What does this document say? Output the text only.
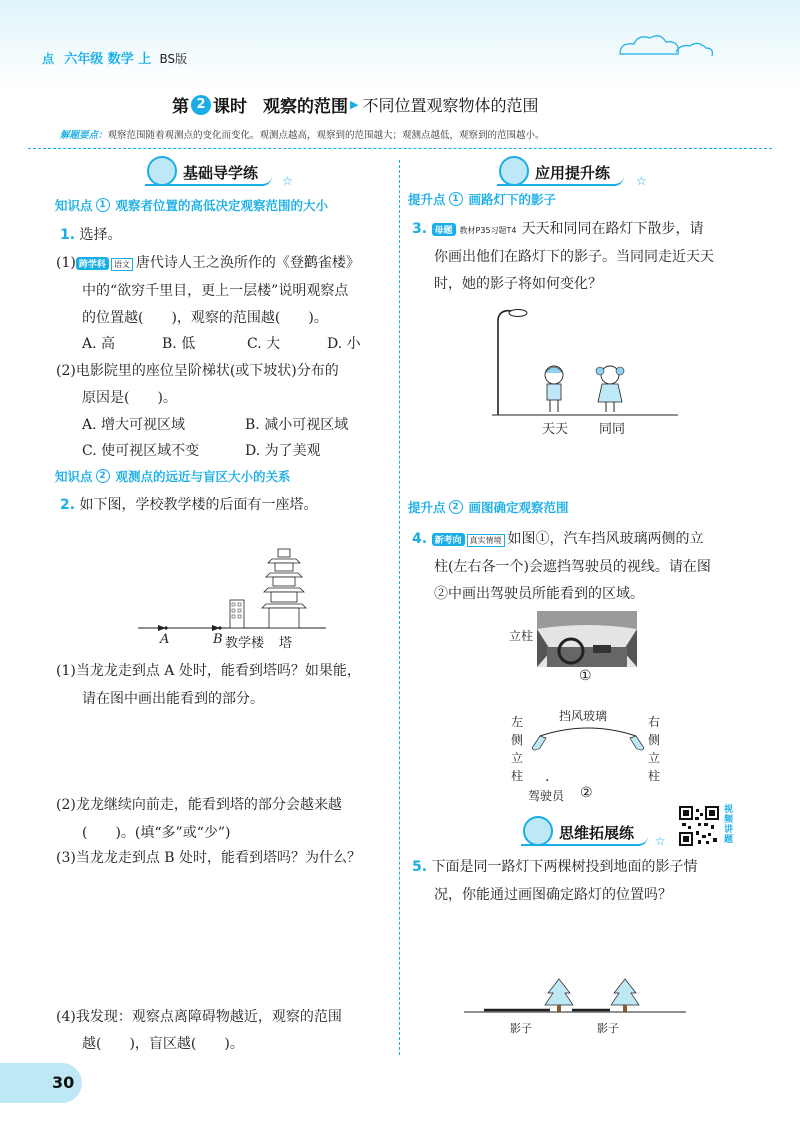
点 六年级 数学 上 BS版
第 2 课时 观察的范围 ▶ 不同位置观察物体的范围
解题要点：观察范围随着观测点的变化而变化。观测点越高，观察到的范围越大；观测点越低，观察到的范围越小。
基础导学练	☆
知识点 1 观察者位置的高低决定观察范围的大小
1. 选择。
(1) 跨学科 语文 唐代诗人王之涣所作的《登鹳雀楼》
中的“欲穷千里目，更上一层楼”说明观察点
的位置越(　　)，观察的范围越(　　)。
A. 高	B. 低	C. 大	D. 小
(2)电影院里的座位呈阶梯状(或下坡状)分布的
原因是(　　)。
A. 增大可视区域	B. 减小可视区域
C. 使可视区域不变	D. 为了美观
知识点 2 观测点的远近与盲区大小的关系
2. 如下图，学校教学楼的后面有一座塔。
A	B 教学楼 塔
(1)当龙龙走到点 A 处时，能看到塔吗？如果能，
请在图中画出能看到的部分。
(2)龙龙继续向前走，能看到塔的部分会越来越
(　　)。(填“多”或“少”)
(3)当龙龙走到点 B 处时，能看到塔吗？为什么？
(4)我发现：观察点离障碍物越近，观察的范围
越(　　)，盲区越(　　)。
应用提升练	☆
提升点 1 画路灯下的影子
3. 母题 教材P35习题T4 天天和同同在路灯下散步，请
你画出他们在路灯下的影子。当同同走近天天
时，她的影子将如何变化？
天天 同同
提升点 2 画图确定观察范围
4. 新考向 真实情境 如图①，汽车挡风玻璃两侧的立
柱(左右各一个)会遮挡驾驶员的视线。请在图
②中画出驾驶员所能看到的区域。
立柱
①
挡风玻璃
左侧立柱
右侧立柱
·
驾驶员 ②
视频讲题
思维拓展练	☆
5. 下面是同一路灯下两棵树投到地面的影子情
况，你能通过画图确定路灯的位置吗？
影子	影子
30
